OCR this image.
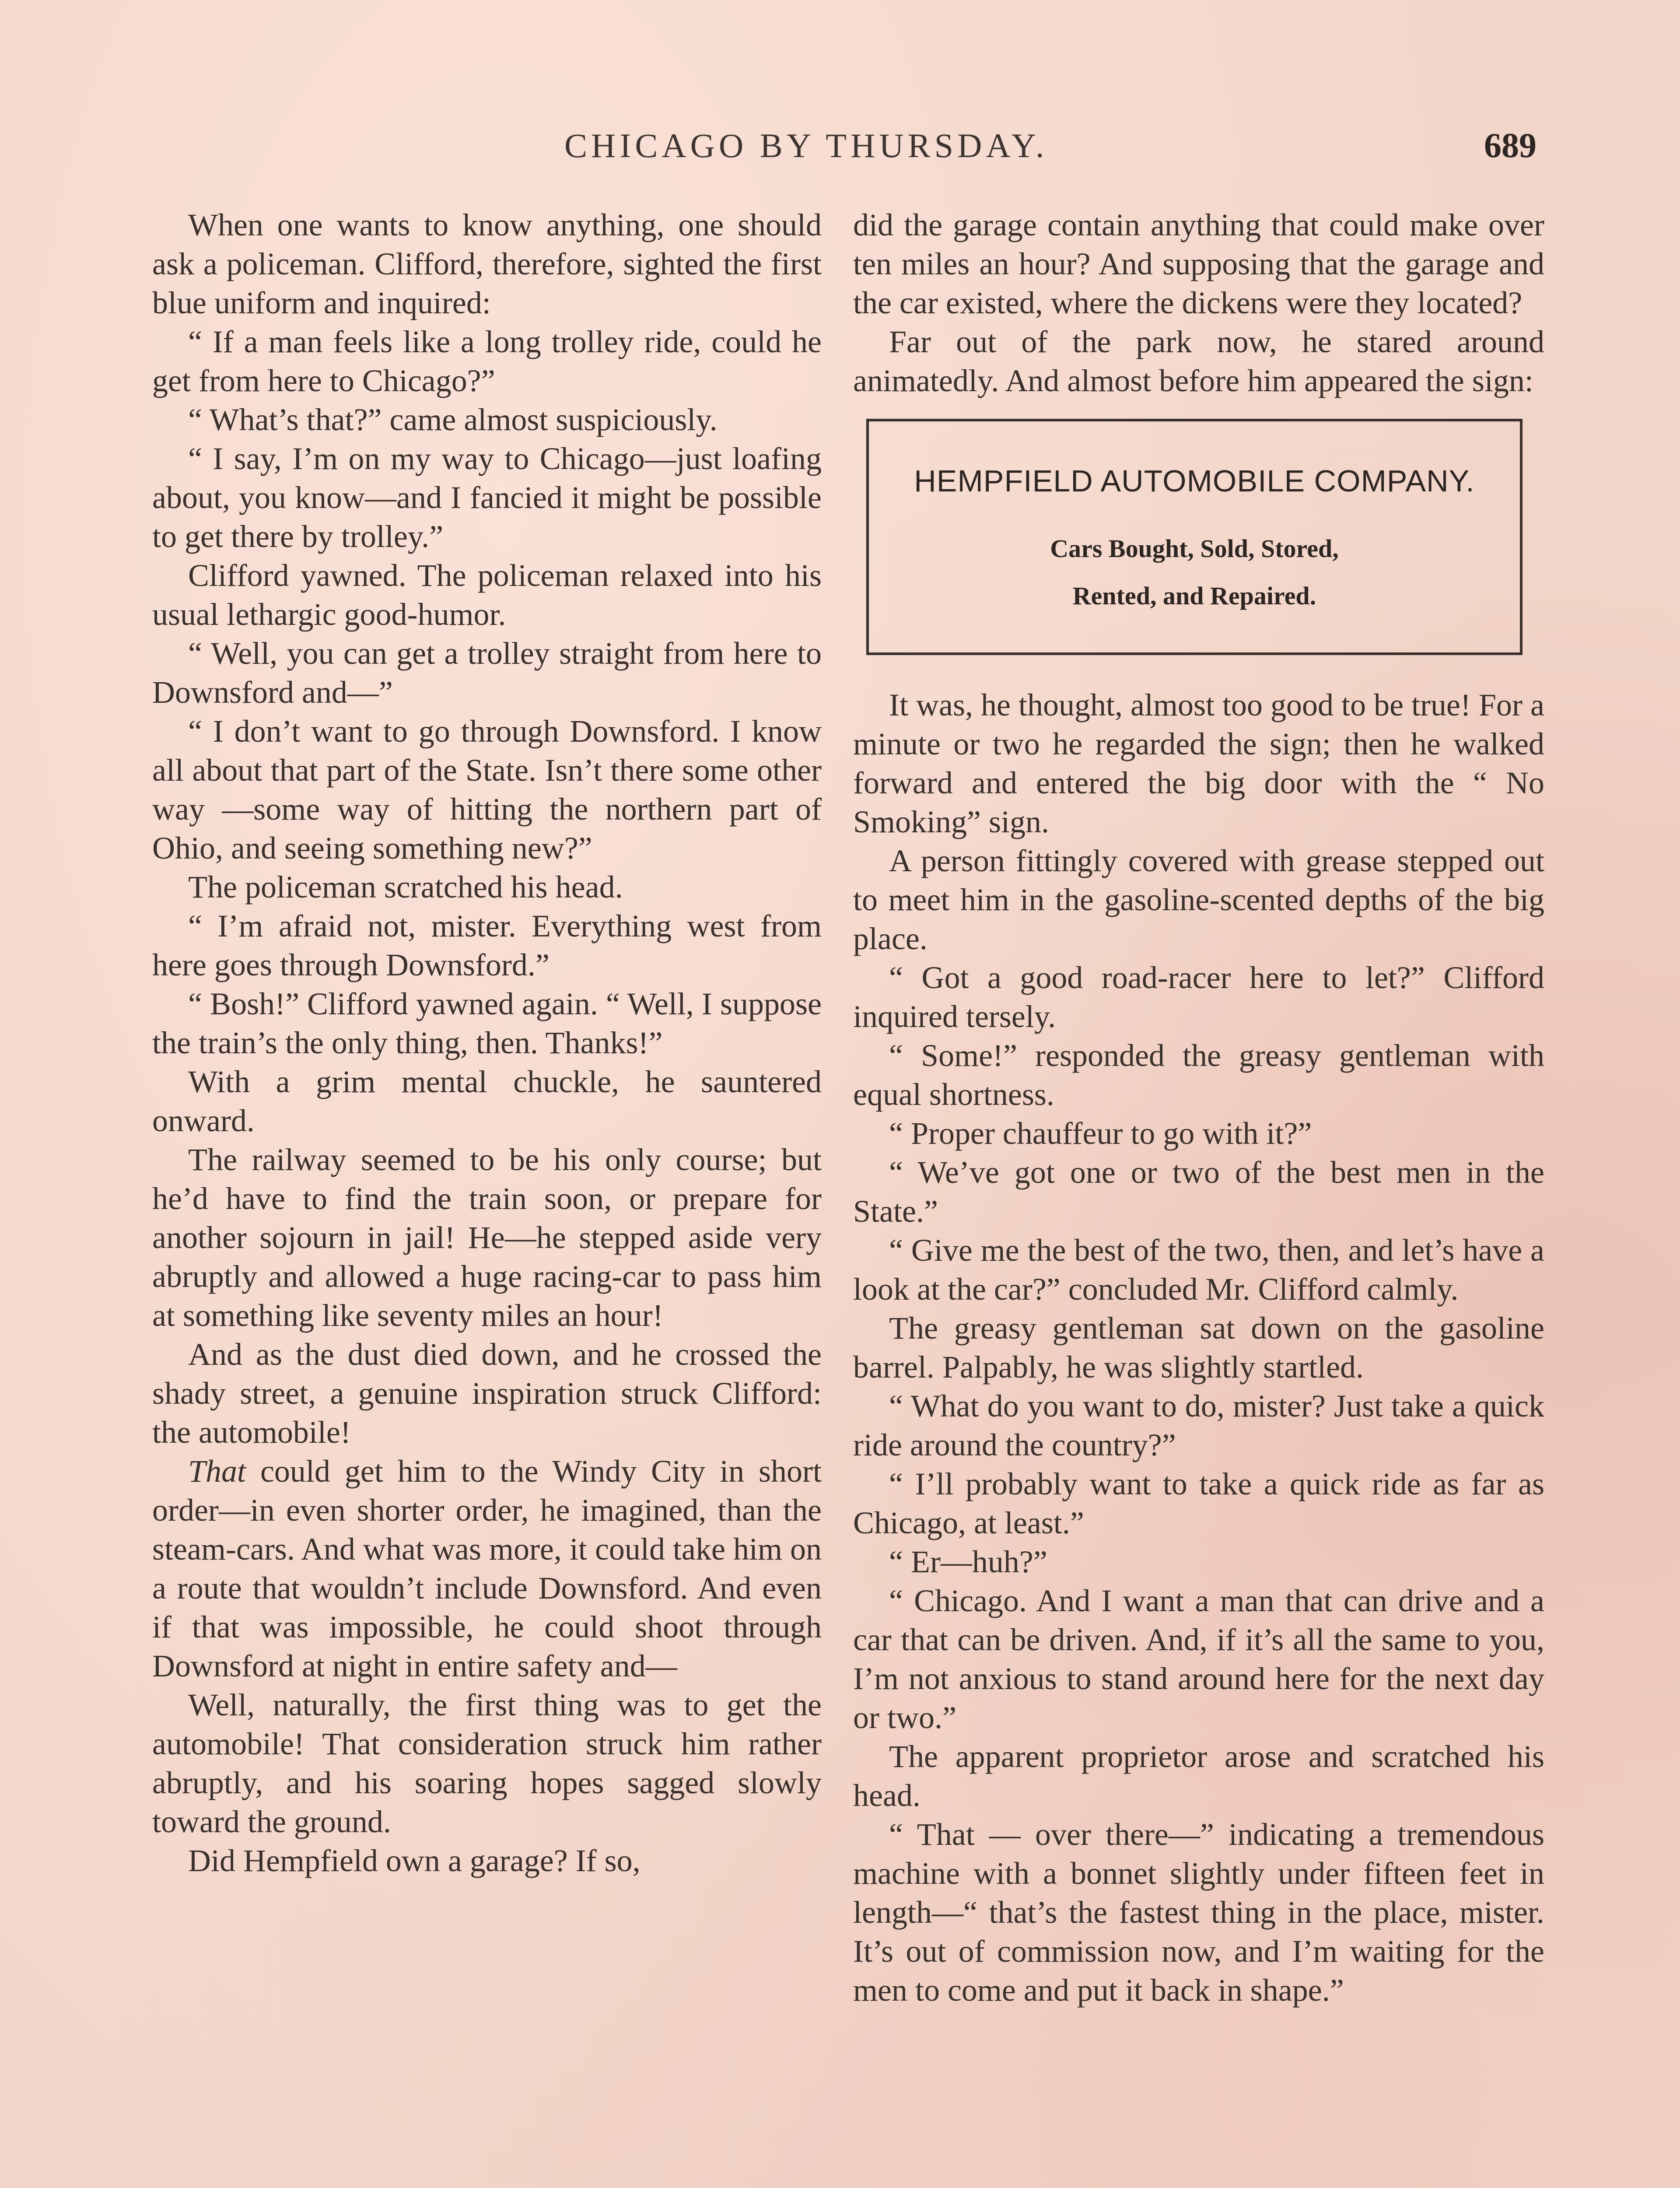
CHICAGO BY THURSDAY.	689

When one wants to know anything, one should ask a policeman. Clifford, therefore, sighted the first blue uniform and inquired:

“ If a man feels like a long trolley ride, could he get from here to Chicago?”

“ What’s that?” came almost suspiciously.

“ I say, I’m on my way to Chicago—just loafing about, you know—and I fancied it might be possible to get there by trolley.”

Clifford yawned. The policeman relaxed into his usual lethargic good-humor.

“ Well, you can get a trolley straight from here to Downsford and—”

“ I don’t want to go through Downsford. I know all about that part of the State. Isn’t there some other way —some way of hitting the northern part of Ohio, and seeing something new?”

The policeman scratched his head.

“ I’m afraid not, mister. Everything west from here goes through Downsford.”

“ Bosh!” Clifford yawned again. “ Well, I suppose the train’s the only thing, then. Thanks!”

With a grim mental chuckle, he sauntered onward.

The railway seemed to be his only course; but he’d have to find the train soon, or prepare for another sojourn in jail! He—he stepped aside very abruptly and allowed a huge racing-car to pass him at something like seventy miles an hour!

And as the dust died down, and he crossed the shady street, a genuine inspiration struck Clifford: the automobile!

That could get him to the Windy City in short order—in even shorter order, he imagined, than the steam-cars. And what was more, it could take him on a route that wouldn’t include Downsford. And even if that was impossible, he could shoot through Downsford at night in entire safety and—

Well, naturally, the first thing was to get the automobile! That consideration struck him rather abruptly, and his soaring hopes sagged slowly toward the ground.

Did Hempfield own a garage? If so,

did the garage contain anything that could make over ten miles an hour? And supposing that the garage and the car existed, where the dickens were they located?

Far out of the park now, he stared around animatedly. And almost before him appeared the sign:

HEMPFIELD AUTOMOBILE COMPANY.
Cars Bought, Sold, Stored,
Rented, and Repaired.

It was, he thought, almost too good to be true! For a minute or two he regarded the sign; then he walked forward and entered the big door with the “ No Smoking” sign.

A person fittingly covered with grease stepped out to meet him in the gasoline-scented depths of the big place.

“ Got a good road-racer here to let?” Clifford inquired tersely.

“ Some!” responded the greasy gentleman with equal shortness.

“ Proper chauffeur to go with it?”

“ We’ve got one or two of the best men in the State.”

“ Give me the best of the two, then, and let’s have a look at the car?” concluded Mr. Clifford calmly.

The greasy gentleman sat down on the gasoline barrel. Palpably, he was slightly startled.

“ What do you want to do, mister? Just take a quick ride around the country?”

“ I’ll probably want to take a quick ride as far as Chicago, at least.”

“ Er—huh?”

“ Chicago. And I want a man that can drive and a car that can be driven. And, if it’s all the same to you, I’m not anxious to stand around here for the next day or two.”

The apparent proprietor arose and scratched his head.

“ That — over there—” indicating a tremendous machine with a bonnet slightly under fifteen feet in length—“ that’s the fastest thing in the place, mister. It’s out of commission now, and I’m waiting for the men to come and put it back in shape.”
